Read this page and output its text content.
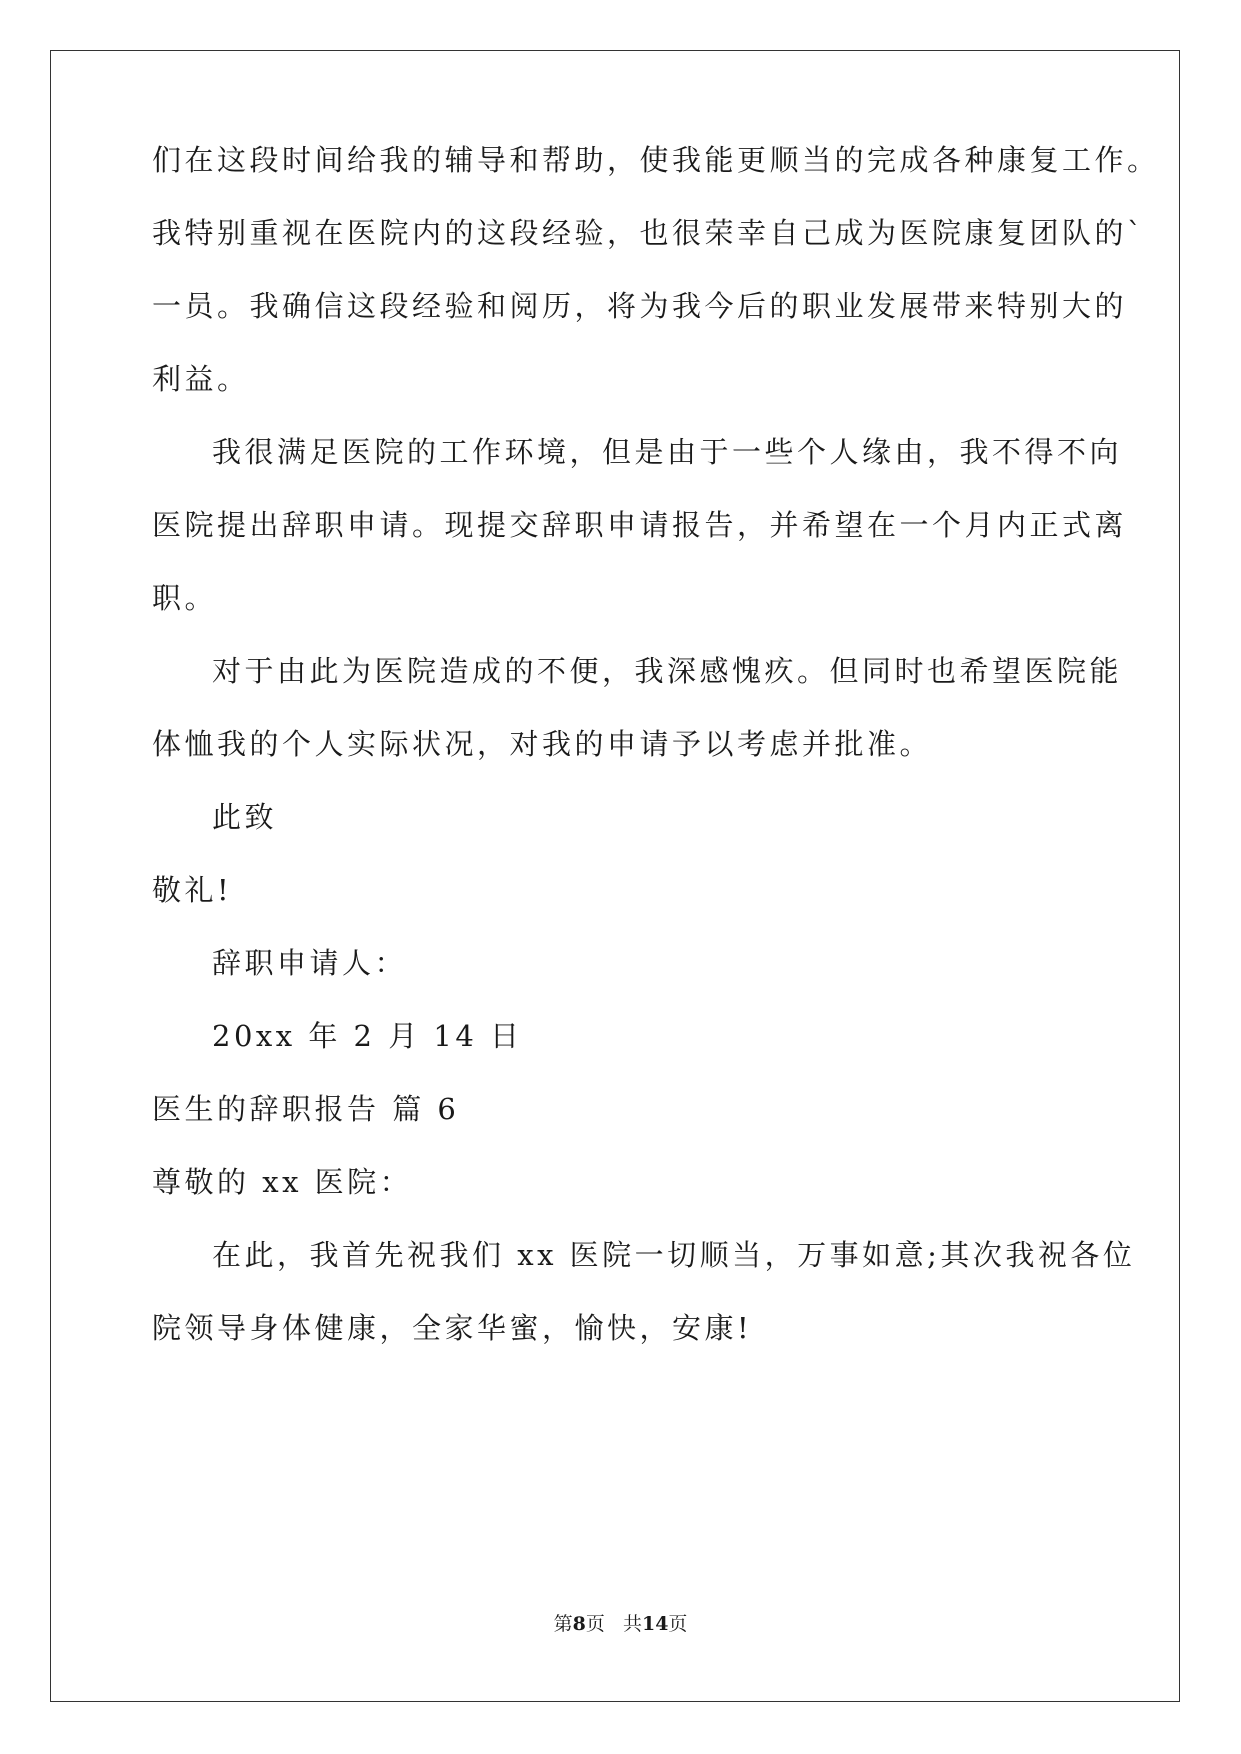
们在这段时间给我的辅导和帮助，使我能更顺当的完成各种康复工作。
我特别重视在医院内的这段经验，也很荣幸自己成为医院康复团队的`
一员。我确信这段经验和阅历，将为我今后的职业发展带来特别大的
利益。
我很满足医院的工作环境，但是由于一些个人缘由，我不得不向
医院提出辞职申请。现提交辞职申请报告，并希望在一个月内正式离
职。
对于由此为医院造成的不便，我深感愧疚。但同时也希望医院能
体恤我的个人实际状况，对我的申请予以考虑并批准。
此致
敬礼!
辞职申请人：
20xx 年 2 月 14 日
医生的辞职报告 篇 6
尊敬的 xx 医院：
在此，我首先祝我们 xx 医院一切顺当，万事如意;其次我祝各位
院领导身体健康，全家华蜜，愉快，安康!
第8页 共14页
